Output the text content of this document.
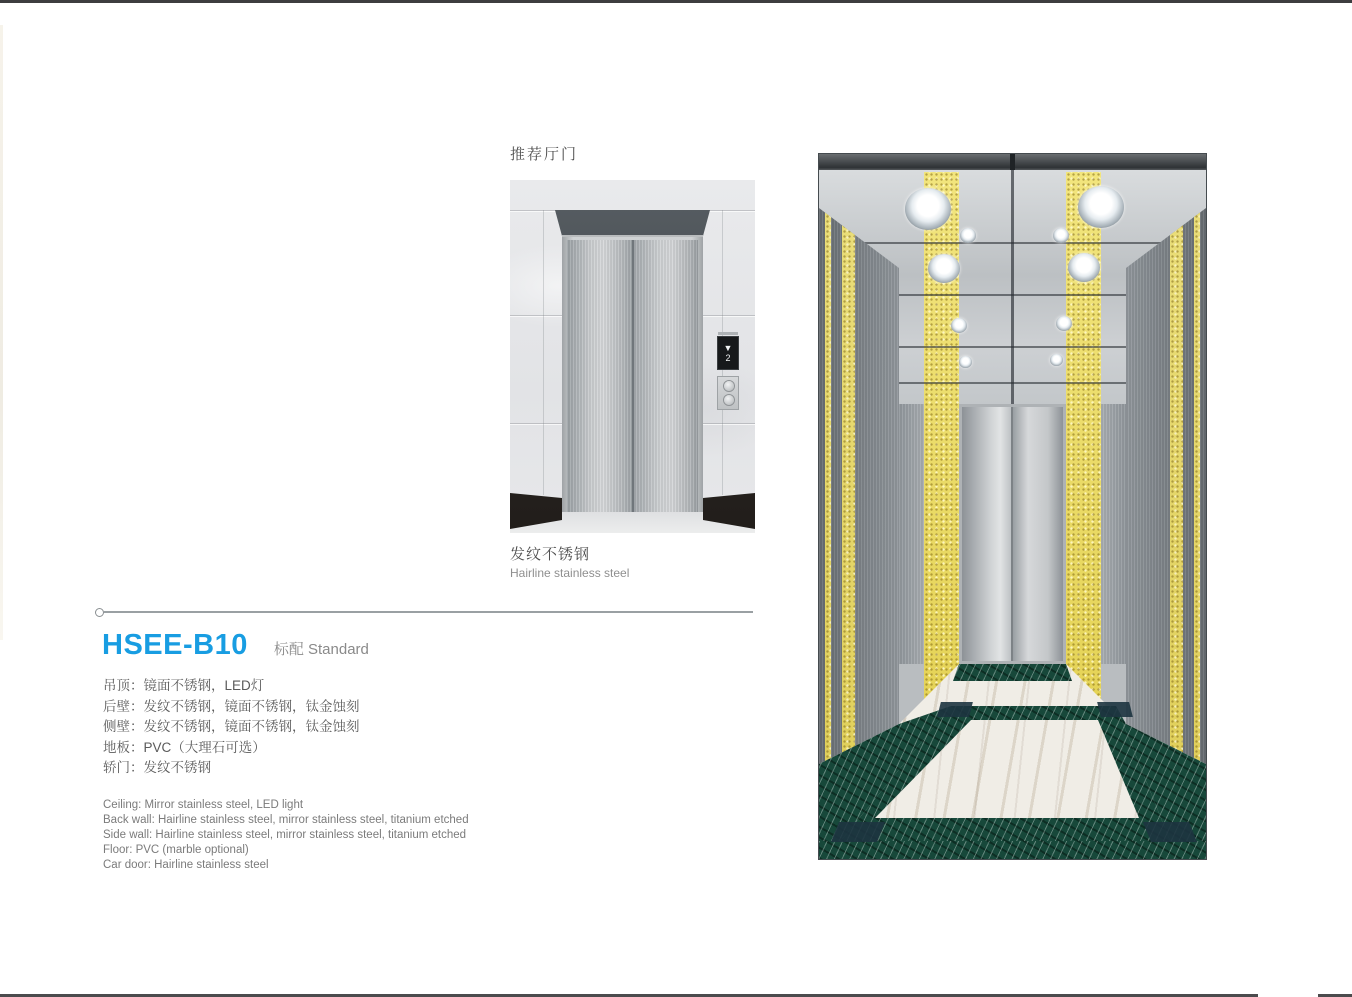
推荐厅门
▼
2
发纹不锈钢
Hairline stainless steel
HSEE-B10 标配 Standard
吊顶：镜面不锈钢，LED灯
后壁：发纹不锈钢，镜面不锈钢，钛金蚀刻
侧壁：发纹不锈钢，镜面不锈钢，钛金蚀刻
地板：PVC（大理石可选）
轿门：发纹不锈钢
Ceiling: Mirror stainless steel, LED light
Back wall: Hairline stainless steel, mirror stainless steel, titanium etched
Side wall: Hairline stainless steel, mirror stainless steel, titanium etched
Floor: PVC (marble optional)
Car door: Hairline stainless steel
